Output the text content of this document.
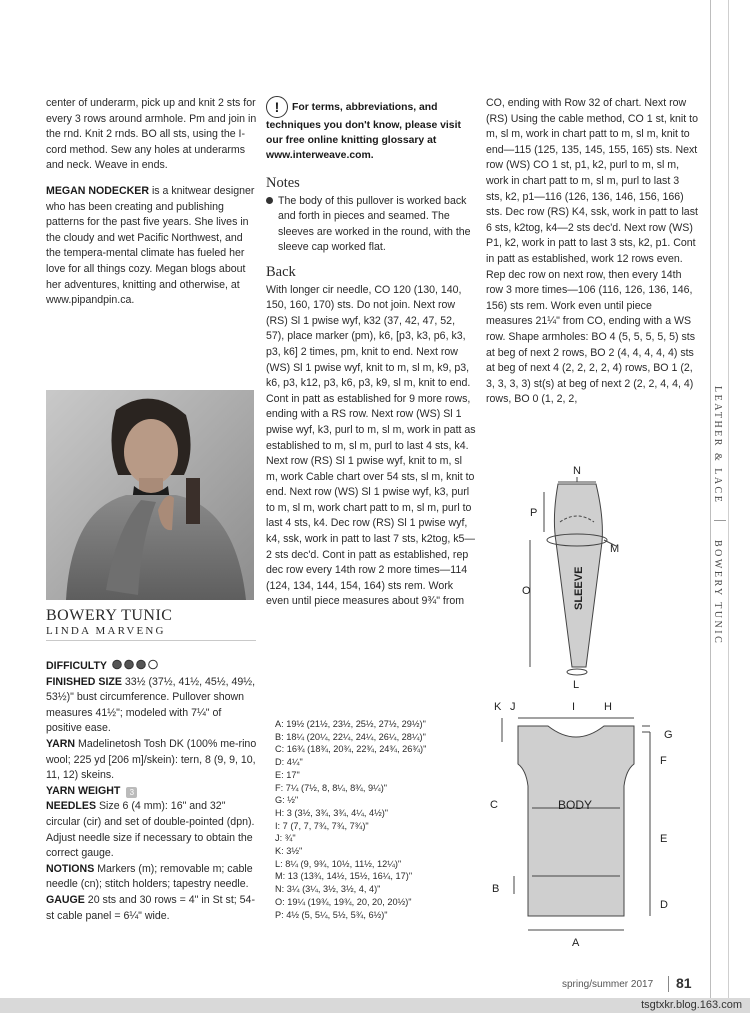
LEATHER & LACE
BOWERY TUNIC

center of underarm, pick up and knit 2 sts for every 3 rows around armhole. Pm and join in the rnd. Knit 2 rnds. BO all sts, using the I-cord method. Sew any holes at underarms and neck. Weave in ends.

MEGAN NODECKER is a knitwear designer who has been creating and publishing patterns for the past five years. She lives in the cloudy and wet Pacific Northwest, and the tempera-mental climate has fueled her love for all things cozy. Megan blogs about her adventures, knitting and otherwise, at www.pipandpin.ca.

BOWERY TUNIC
LINDA MARVENG

DIFFICULTY

FINISHED SIZE 33½ (37½, 41½, 45½, 49½, 53½)" bust circumference. Pullover shown measures 41½"; modeled with 7¼" of positive ease.

YARN Madelinetosh Tosh DK (100% me-rino wool; 225 yd [206 m]/skein): tern, 8 (9, 9, 10, 11, 12) skeins.

YARN WEIGHT 3

NEEDLES Size 6 (4 mm): 16" and 32" circular (cir) and set of double-pointed (dpn). Adjust needle size if necessary to obtain the correct gauge.

NOTIONS Markers (m); removable m; cable needle (cn); stitch holders; tapestry needle.

GAUGE 20 sts and 30 rows = 4" in St st; 54-st cable panel = 6¼" wide.

! For terms, abbreviations, and techniques you don't know, please visit our free online knitting glossary at www.interweave.com.
Notes

The body of this pullover is worked back and forth in pieces and seamed. The sleeves are worked in the round, with the sleeve cap worked flat.

Back

With longer cir needle, CO 120 (130, 140, 150, 160, 170) sts. Do not join. Next row (RS) Sl 1 pwise wyf, k32 (37, 42, 47, 52, 57), place marker (pm), k6, [p3, k3, p6, k3, p3, k6] 2 times, pm, knit to end. Next row (WS) Sl 1 pwise wyf, knit to m, sl m, k9, p3, k6, p3, k12, p3, k6, p3, k9, sl m, knit to end. Cont in patt as established for 9 more rows, ending with a RS row. Next row (WS) Sl 1 pwise wyf, k3, purl to m, sl m, work in patt as established to m, sl m, purl to last 4 sts, k4. Next row (RS) Sl 1 pwise wyf, knit to m, sl m, work Cable chart over 54 sts, sl m, knit to end. Next row (WS) Sl 1 pwise wyf, k3, purl to m, sl m, work chart patt to m, sl m, purl to last 4 sts, k4. Dec row (RS) Sl 1 pwise wyf, k4, ssk, work in patt to last 7 sts, k2tog, k5—2 sts dec'd. Cont in patt as established, rep dec row every 14th row 2 more times—114 (124, 134, 144, 154, 164) sts rem. Work even until piece measures about 9¾" from

CO, ending with Row 32 of chart. Next row (RS) Using the cable method, CO 1 st, knit to m, sl m, work in chart patt to m, sl m, knit to end—115 (125, 135, 145, 155, 165) sts. Next row (WS) CO 1 st, p1, k2, purl to m, sl m, work in chart patt to m, sl m, purl to last 3 sts, k2, p1—116 (126, 136, 146, 156, 166) sts. Dec row (RS) K4, ssk, work in patt to last 6 sts, k2tog, k4—2 sts dec'd. Next row (WS) P1, k2, work in patt to last 3 sts, k2, p1. Cont in patt as established, work 12 rows even. Rep dec row on next row, then every 14th row 3 more times—106 (116, 126, 136, 146, 156) sts rem. Work even until piece measures 21¼" from CO, ending with a WS row. Shape armholes: BO 4 (5, 5, 5, 5, 5) sts at beg of next 2 rows, BO 2 (4, 4, 4, 4, 4) sts at beg of next 4 (2, 2, 2, 2, 4) rows, BO 1 (2, 3, 3, 3, 3) st(s) at beg of next 2 (2, 2, 4, 4, 4) rows, BO 0 (1, 2, 2,

A: 19½ (21½, 23½, 25½, 27½, 29½)"
B: 18¼ (20¼, 22¼, 24¼, 26¼, 28¼)"
C: 16¾ (18¾, 20¾, 22¾, 24¾, 26¾)"
D: 4¼"
E: 17"
F: 7¼ (7½, 8, 8¼, 8¾, 9¼)"
G: ½"
H: 3 (3½, 3¾, 3¾, 4¼, 4½)"
I: 7 (7, 7, 7¾, 7¾, 7¾)"
J: ¾"
K: 3½"
L: 8¼ (9, 9¾, 10½, 11½, 12¼)"
M: 13 (13¾, 14½, 15½, 16¼, 17)"
N: 3¼ (3¼, 3½, 3½, 4, 4)"
O: 19¼ (19¾, 19¾, 20, 20, 20½)"
P: 4½ (5, 5¼, 5½, 5¾, 6½)"
N
P
M
O
L
SLEEVE
K J	I	H
G
F
C	BODY
E
B
D
A
spring/summer 2017 81
tsgtxkr.blog.163.com
